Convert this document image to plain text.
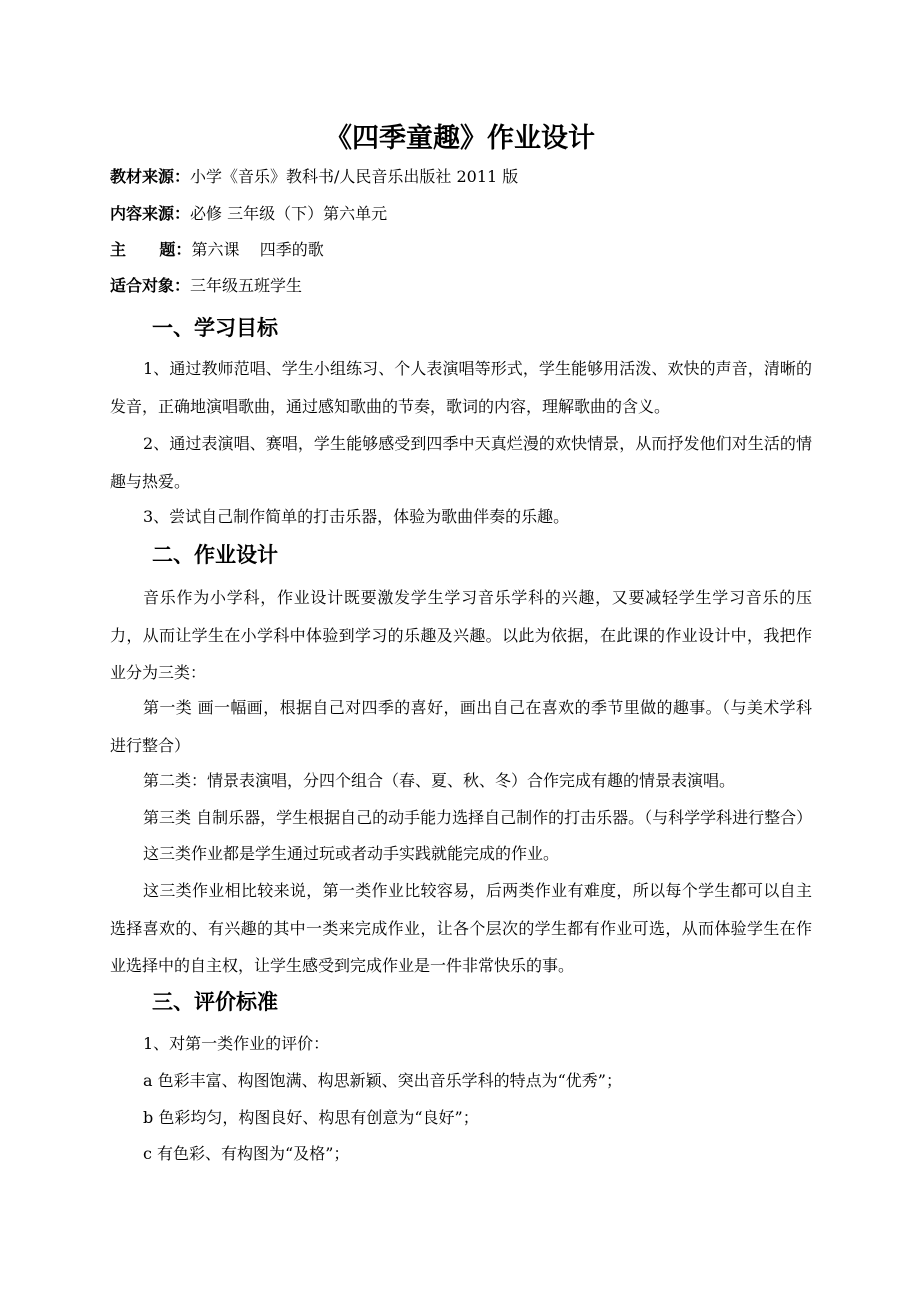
《四季童趣》作业设计
教材来源：小学《音乐》教科书/人民音乐出版社 2011 版
内容来源：必修 三年级（下）第六单元
主      题：第六课    四季的歌
适合对象：三年级五班学生
一、学习目标
1、通过教师范唱、学生小组练习、个人表演唱等形式，学生能够用活泼、欢快的声音，清晰的发音，正确地演唱歌曲，通过感知歌曲的节奏，歌词的内容，理解歌曲的含义。
2、通过表演唱、赛唱，学生能够感受到四季中天真烂漫的欢快情景，从而抒发他们对生活的情趣与热爱。
3、尝试自己制作简单的打击乐器，体验为歌曲伴奏的乐趣。
二、作业设计
音乐作为小学科，作业设计既要激发学生学习音乐学科的兴趣，又要减轻学生学习音乐的压力，从而让学生在小学科中体验到学习的乐趣及兴趣。以此为依据，在此课的作业设计中，我把作业分为三类：
第一类 画一幅画，根据自己对四季的喜好，画出自己在喜欢的季节里做的趣事。（与美术学科进行整合）
第二类：情景表演唱，分四个组合（春、夏、秋、冬）合作完成有趣的情景表演唱。
第三类 自制乐器，学生根据自己的动手能力选择自己制作的打击乐器。（与科学学科进行整合）
这三类作业都是学生通过玩或者动手实践就能完成的作业。
这三类作业相比较来说，第一类作业比较容易，后两类作业有难度，所以每个学生都可以自主选择喜欢的、有兴趣的其中一类来完成作业，让各个层次的学生都有作业可选，从而体验学生在作业选择中的自主权，让学生感受到完成作业是一件非常快乐的事。
三、评价标准
1、对第一类作业的评价：
a 色彩丰富、构图饱满、构思新颖、突出音乐学科的特点为“优秀”；
b 色彩均匀，构图良好、构思有创意为“良好”；
c 有色彩、有构图为“及格”；
